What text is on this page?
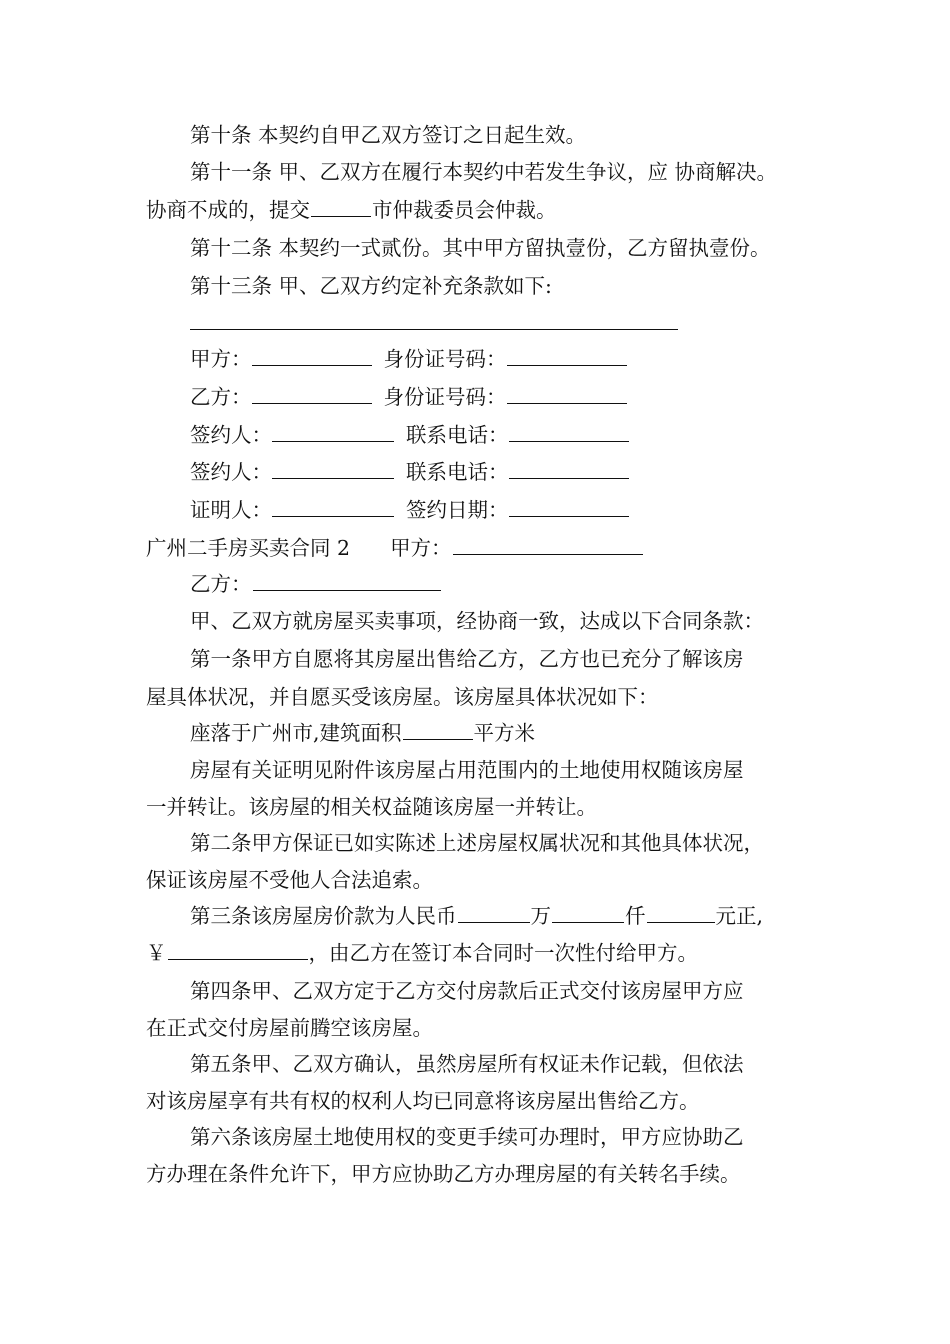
第十条 本契约自甲乙双方签订之日起生效。
第十一条 甲、乙双方在履行本契约中若发生争议，应 协商解决。
协商不成的，提交	市仲裁委员会仲裁。
第十二条 本契约一式贰份。其中甲方留执壹份，乙方留执壹份。
第十三条 甲、乙双方约定补充条款如下:
甲方：	身份证号码：
乙方：	身份证号码：
签约人：	联系电话：
签约人：	联系电话：
证明人：	签约日期：
广州二手房买卖合同 2 甲方：
乙方：
甲、乙双方就房屋买卖事项，经协商一致，达成以下合同条款：
第一条甲方自愿将其房屋出售给乙方，乙方也已充分了解该房
屋具体状况，并自愿买受该房屋。该房屋具体状况如下：
座落于广州市,建筑面积	平方米
房屋有关证明见附件该房屋占用范围内的土地使用权随该房屋
一并转让。该房屋的相关权益随该房屋一并转让。
第二条甲方保证已如实陈述上述房屋权属状况和其他具体状况，
保证该房屋不受他人合法追索。
第三条该房屋房价款为人民币	万	仟	元正,
￥	，由乙方在签订本合同时一次性付给甲方。
第四条甲、乙双方定于乙方交付房款后正式交付该房屋甲方应
在正式交付房屋前腾空该房屋。
第五条甲、乙双方确认，虽然房屋所有权证未作记载，但依法
对该房屋享有共有权的权利人均已同意将该房屋出售给乙方。
第六条该房屋土地使用权的变更手续可办理时，甲方应协助乙
方办理在条件允许下，甲方应协助乙方办理房屋的有关转名手续。
